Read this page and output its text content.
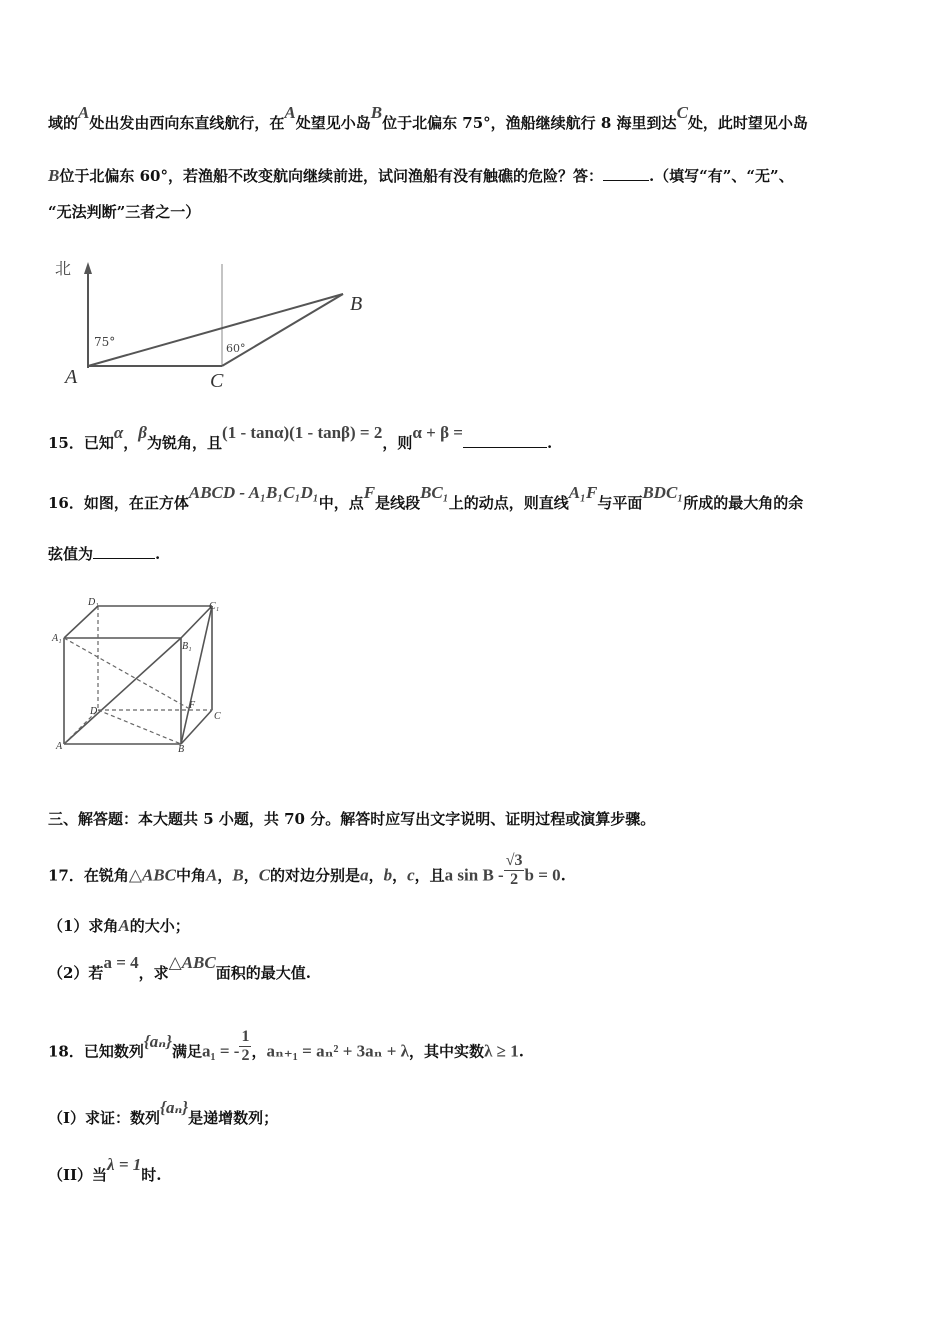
域的A处出发由西向东直线航行，在A处望见小岛B位于北偏东 75°，渔船继续航行 8 海里到达C处，此时望见小岛
B位于北偏东 60°，若渔船不改变航向继续前进，试问渔船有没有触礁的危险？答：	.（填写“有”、“无”、
“无法判断”三者之一）
北
75°	60°
A	C
B
15．已知α，β为锐角，且(1 - tanα)(1 - tanβ) = 2，则α + β =.
16．如图，在正方体ABCD - A₁B₁C₁D₁中，点F是线段BC₁上的动点，则直线A₁F与平面BDC₁所成的最大角的余
弦值为	.
D₁	C₁
A₁
B₁
D
F
C
A	B
三、解答题：本大题共 5 小题，共 70 分。解答时应写出文字说明、证明过程或演算步骤。
17．在锐角△ABC中角A，B，C的对边分别是a，b，c，且a sin B - $\frac{√3}{2}$ b = 0.
（1）求角A的大小；
（2）若a = 4，求△ABC面积的最大值.
18．已知数列{aₙ}满足a₁ = - $\frac{1}{2}$ ，aₙ₊₁ = aₙ² + 3aₙ + λ，其中实数λ ≥ 1.
（I）求证：数列{aₙ}是递增数列；
（II）当λ = 1时.
